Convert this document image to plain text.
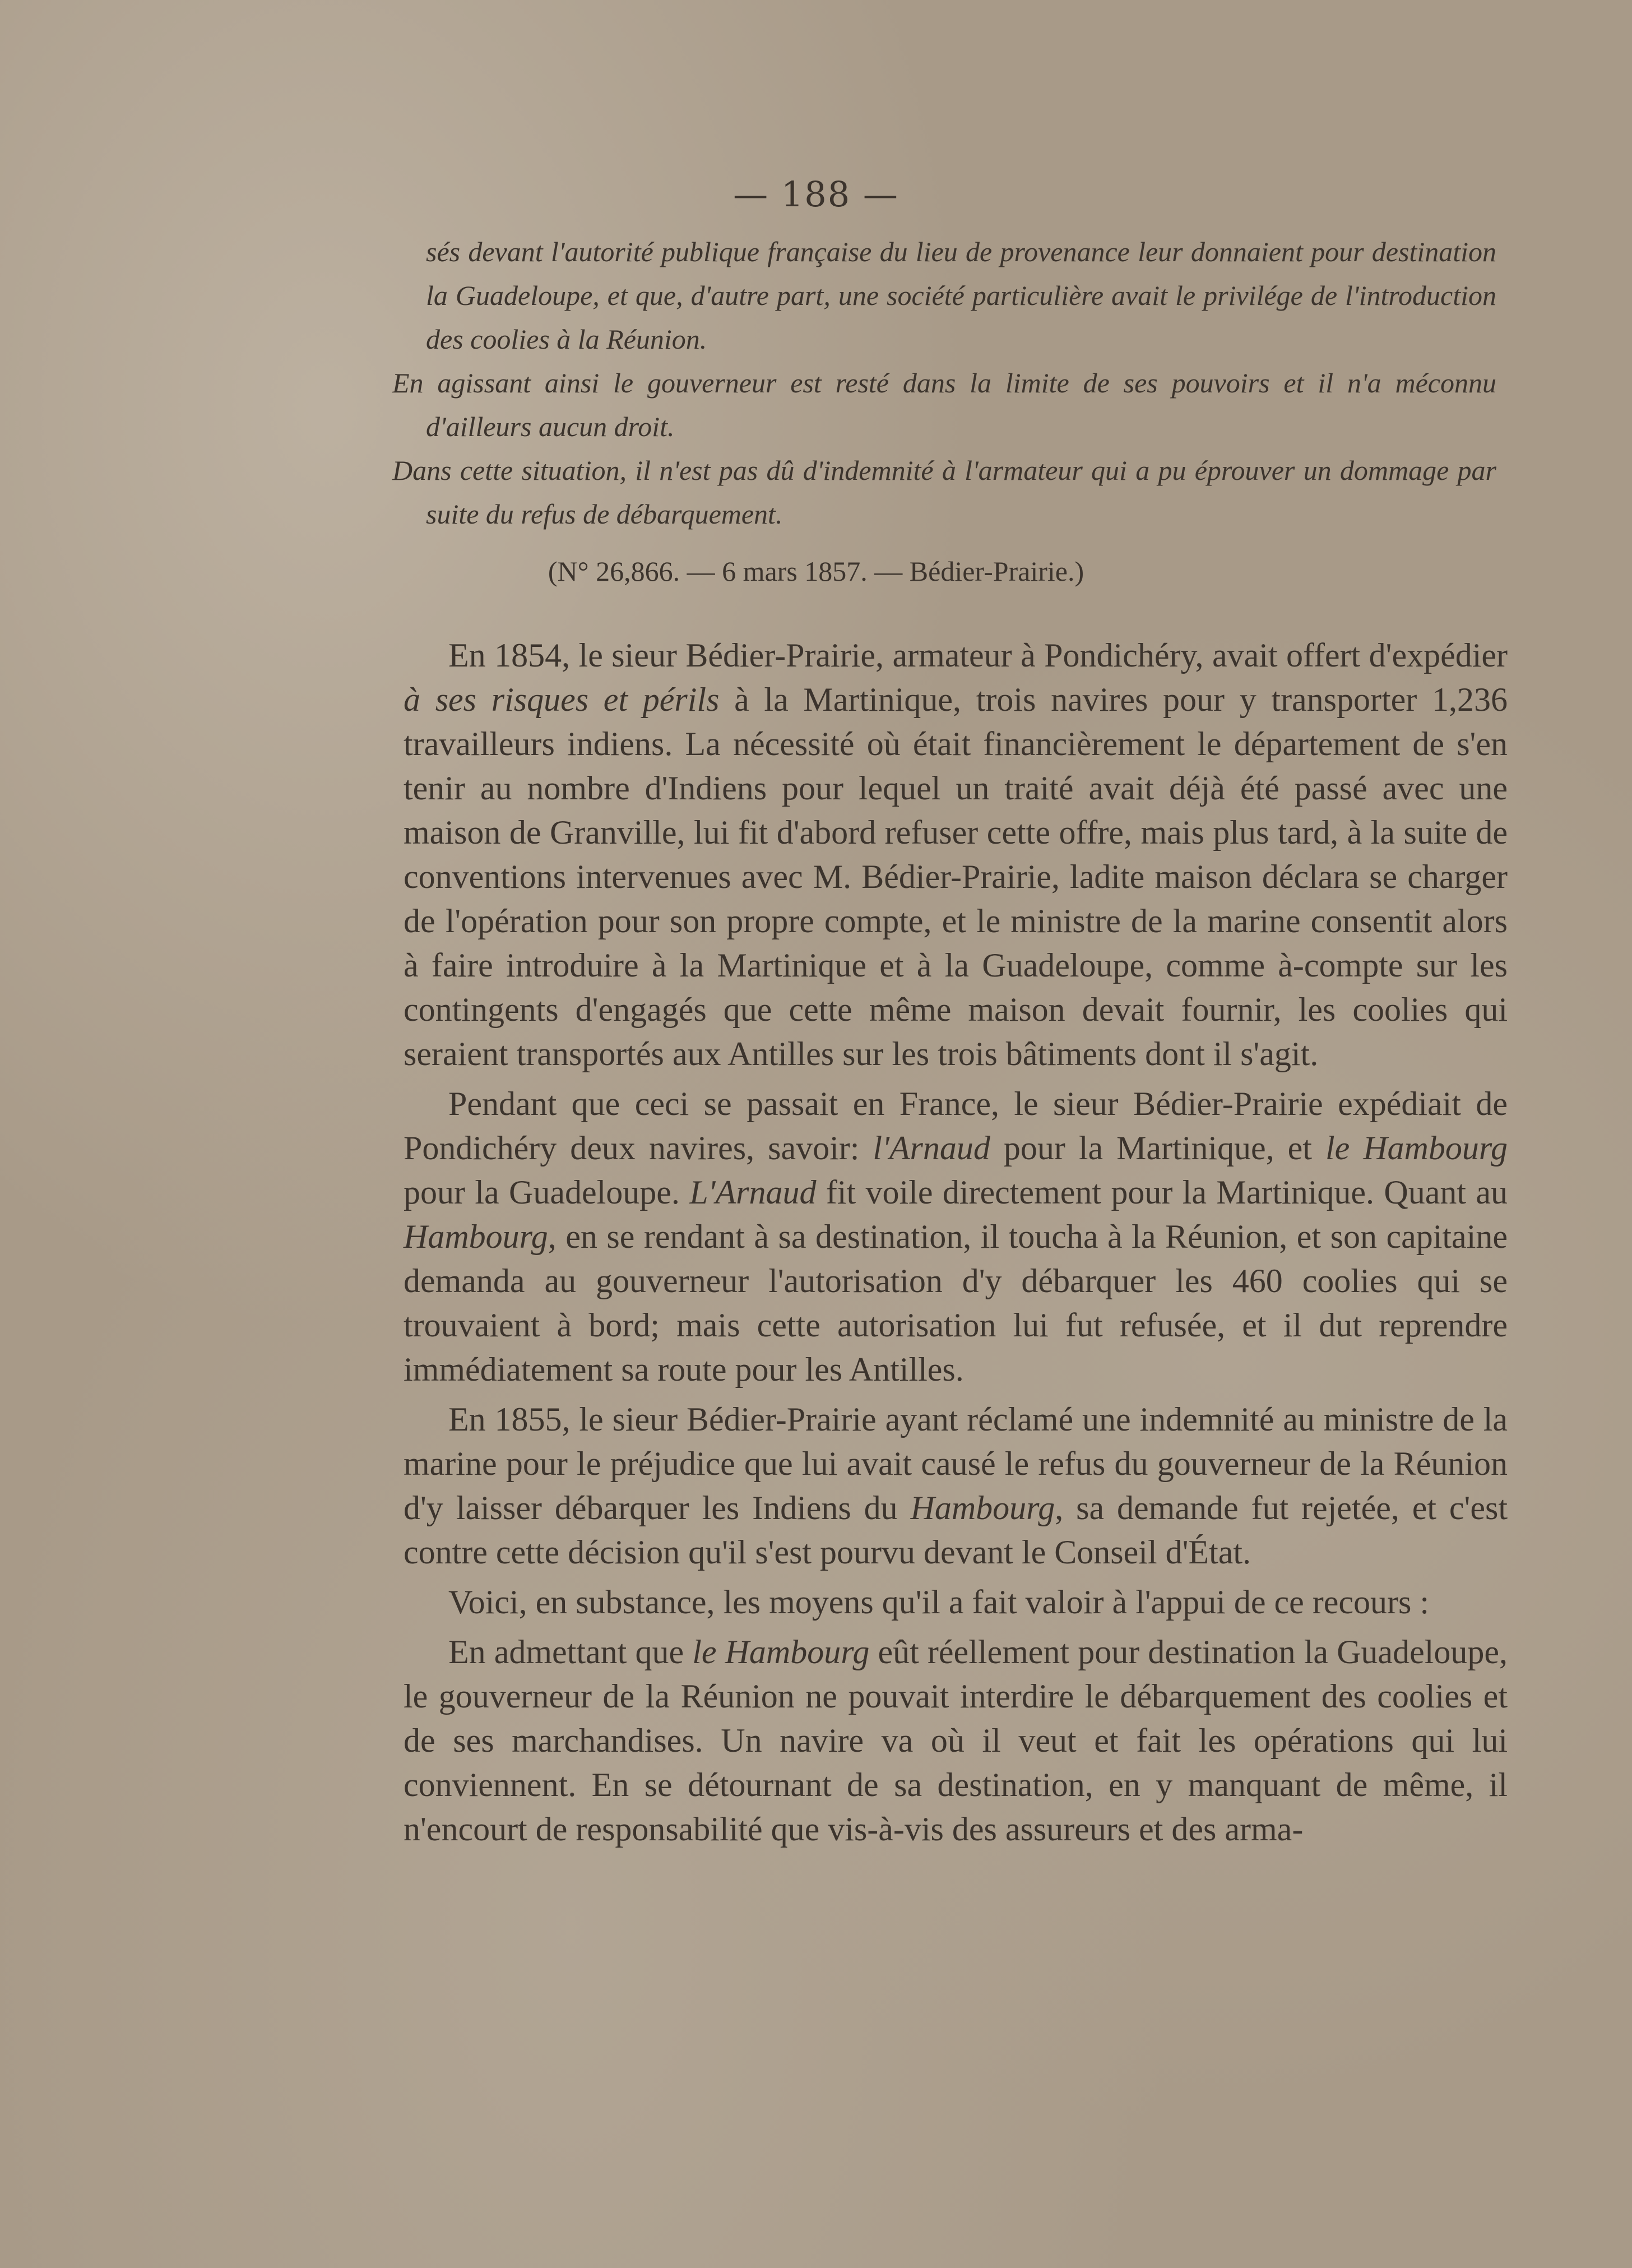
— 188 —

sés devant l'autorité publique française du lieu de provenance leur donnaient pour destination la Guadeloupe, et que, d'autre part, une société particulière avait le privilége de l'introduction des coolies à la Réunion.

En agissant ainsi le gouverneur est resté dans la limite de ses pouvoirs et il n'a méconnu d'ailleurs aucun droit.

Dans cette situation, il n'est pas dû d'indemnité à l'armateur qui a pu éprouver un dommage par suite du refus de débarquement.

(N° 26,866. — 6 mars 1857. — Bédier-Prairie.)

En 1854, le sieur Bédier-Prairie, armateur à Pondichéry, avait offert d'expédier à ses risques et périls à la Martinique, trois navires pour y transporter 1,236 travailleurs indiens. La nécessité où était financièrement le département de s'en tenir au nombre d'Indiens pour lequel un traité avait déjà été passé avec une maison de Granville, lui fit d'abord refuser cette offre, mais plus tard, à la suite de conventions intervenues avec M. Bédier-Prairie, ladite maison déclara se charger de l'opération pour son propre compte, et le ministre de la marine consentit alors à faire introduire à la Martinique et à la Guadeloupe, comme à-compte sur les contingents d'engagés que cette même maison devait fournir, les coolies qui seraient transportés aux Antilles sur les trois bâtiments dont il s'agit.

Pendant que ceci se passait en France, le sieur Bédier-Prairie expédiait de Pondichéry deux navires, savoir: l'Arnaud pour la Martinique, et le Hambourg pour la Guadeloupe. L'Arnaud fit voile directement pour la Martinique. Quant au Hambourg, en se rendant à sa destination, il toucha à la Réunion, et son capitaine demanda au gouverneur l'autorisation d'y débarquer les 460 coolies qui se trouvaient à bord; mais cette autorisation lui fut refusée, et il dut reprendre immédiatement sa route pour les Antilles.

En 1855, le sieur Bédier-Prairie ayant réclamé une indemnité au ministre de la marine pour le préjudice que lui avait causé le refus du gouverneur de la Réunion d'y laisser débarquer les Indiens du Hambourg, sa demande fut rejetée, et c'est contre cette décision qu'il s'est pourvu devant le Conseil d'État.

Voici, en substance, les moyens qu'il a fait valoir à l'appui de ce recours :

En admettant que le Hambourg eût réellement pour destination la Guadeloupe, le gouverneur de la Réunion ne pouvait interdire le débarquement des coolies et de ses marchandises. Un navire va où il veut et fait les opérations qui lui conviennent. En se détournant de sa destination, en y manquant de même, il n'encourt de responsabilité que vis-à-vis des assureurs et des arma-
